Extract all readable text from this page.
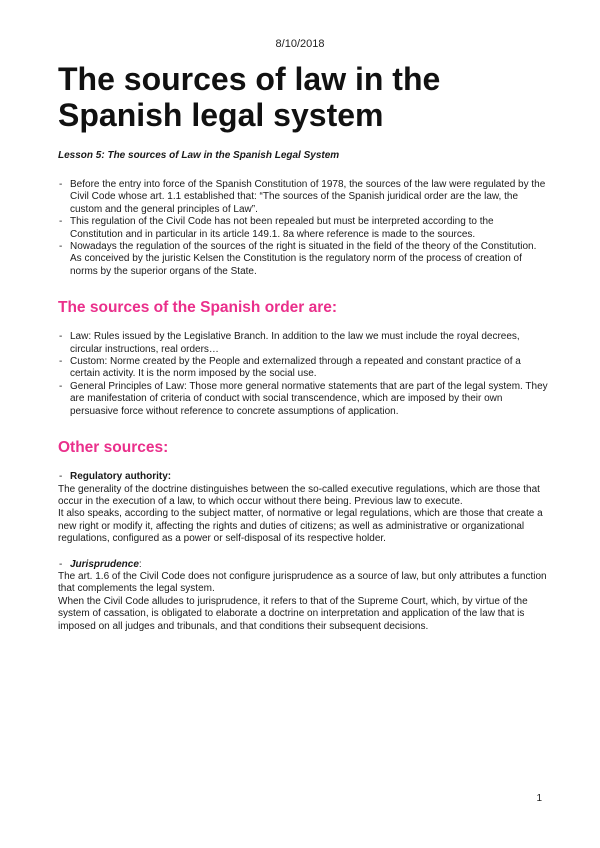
8/10/2018
The sources of law in the Spanish legal system

Lesson 5: The sources of Law in the Spanish Legal System

- Before the entry into force of the Spanish Constitution of 1978, the sources of the law were regulated by the Civil Code whose art. 1.1 established that: “The sources of the Spanish juridical order are the law, the custom and the general principles of Law”.
- This regulation of the Civil Code has not been repealed but must be interpreted according to the Constitution and in particular in its article 149.1. 8a where reference is made to the sources.
- Nowadays the regulation of the sources of the right is situated in the field of the theory of the Constitution. As conceived by the juristic Kelsen the Constitution is the regulatory norm of the process of creation of norms by the superior organs of the State.
The sources of the Spanish order are:
- Law: Rules issued by the Legislative Branch. In addition to the law we must include the royal decrees, circular instructions, real orders…
- Custom: Norme created by the People and externalized through a repeated and constant practice of a certain activity. It is the norm imposed by the social use.
- General Principles of Law: Those more general normative statements that are part of the legal system. They are manifestation of criteria of conduct with social transcendence, which are imposed by their own persuasive force without reference to concrete assumptions of application.
Other sources:

- Regulatory authority:

The generality of the doctrine distinguishes between the so-called executive regulations, which are those that occur in the execution of a law, to which occur without there being. Previous law to execute.

It also speaks, according to the subject matter, of normative or legal regulations, which are those that create a new right or modify it, affecting the rights and duties of citizens; as well as administrative or organizational regulations, configured as a power or self-disposal of its respective holder.

- Jurisprudence:

The art. 1.6 of the Civil Code does not configure jurisprudence as a source of law, but only attributes a function that complements the legal system.

When the Civil Code alludes to jurisprudence, it refers to that of the Supreme Court, which, by virtue of the system of cassation, is obligated to elaborate a doctrine on interpretation and application of the law that is imposed on all judges and tribunals, and that conditions their subsequent decisions.

1
